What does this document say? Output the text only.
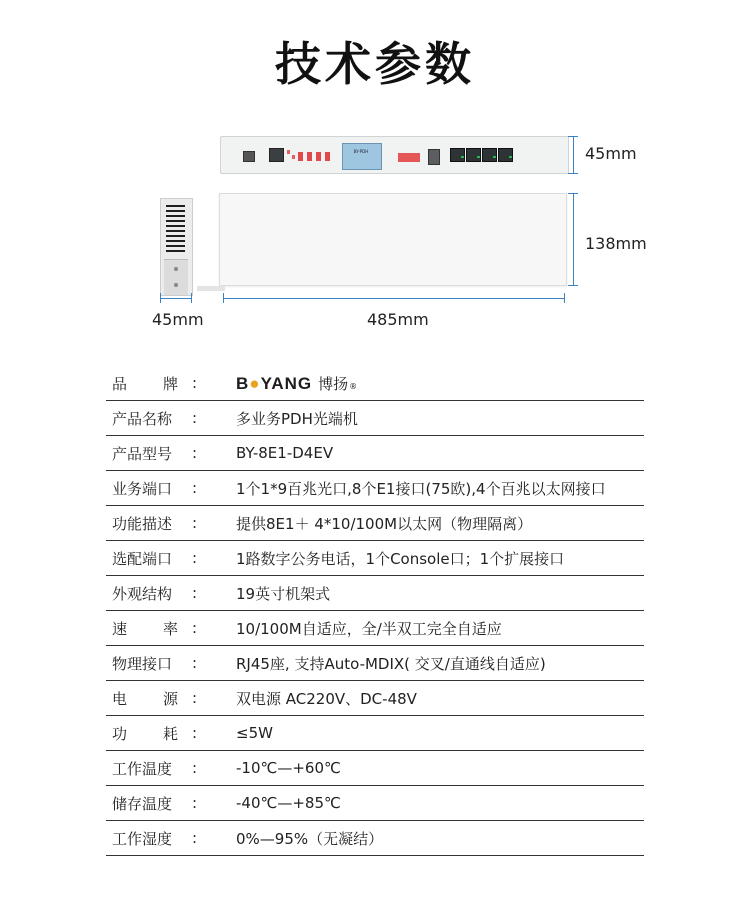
技术参数
BY-PDH	45mm
138mm
45mm	485mm
品 牌 :	B●YANG 博扬 ®
产品名称	:	多业务PDH光端机
产品型号	:	BY-8E1-D4EV
业务端口	:	1个1*9百兆光口,8个E1接口(75欧),4个百兆以太网接口
功能描述	:	提供8E1＋ 4*10/100M以太网（物理隔离）
选配端口	:	1路数字公务电话，1个Console口；1个扩展接口
外观结构	:	19英寸机架式
速 率 :	10/100M自适应，全/半双工完全自适应
物理接口	:	RJ45座, 支持Auto-MDIX( 交叉/直通线自适应)
电 源 :	双电源 AC220V、DC-48V
功 耗 :	≤5W
工作温度	:	-10℃—+60℃
储存温度	:	-40℃—+85℃
工作湿度	:	0%—95%（无凝结）
